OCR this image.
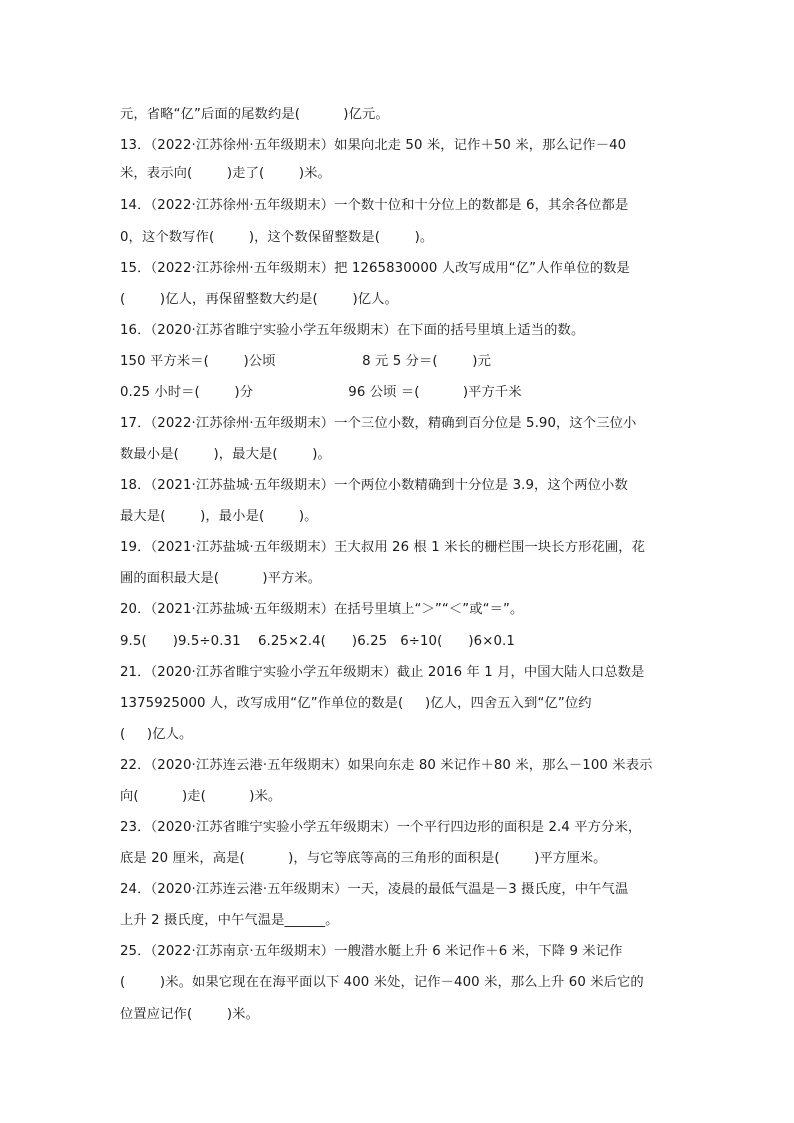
元，省略“亿”后面的尾数约是(          )亿元。
13．（2022·江苏徐州·五年级期末）如果向北走 50 米，记作＋50 米，那么记作－40
米，表示向(        )走了(        )米。
14．（2022·江苏徐州·五年级期末）一个数十位和十分位上的数都是 6，其余各位都是
0，这个数写作(        )，这个数保留整数是(        )。
15．（2022·江苏徐州·五年级期末）把 1265830000 人改写成用“亿”人作单位的数是
(        )亿人，再保留整数大约是(        )亿人。
16．（2020·江苏省睢宁实验小学五年级期末）在下面的括号里填上适当的数。
150 平方米＝(        )公顷                    8 元 5 分＝(        )元
0.25 小时＝(        )分                      96 公顷 ＝(          )平方千米
17．（2022·江苏徐州·五年级期末）一个三位小数，精确到百分位是 5.90，这个三位小
数最小是(        )，最大是(        )。
18．（2021·江苏盐城·五年级期末）一个两位小数精确到十分位是 3.9，这个两位小数
最大是(        )，最小是(        )。
19．（2021·江苏盐城·五年级期末）王大叔用 26 根 1 米长的栅栏围一块长方形花圃，花
圃的面积最大是(          )平方米。
20．（2021·江苏盐城·五年级期末）在括号里填上“＞”“＜”或“＝”。
9.5(      )9.5÷0.31    6.25×2.4(      )6.25   6÷10(      )6×0.1
21．（2020·江苏省睢宁实验小学五年级期末）截止 2016 年 1 月，中国大陆人口总数是
1375925000 人，改写成用“亿”作单位的数是(     )亿人，四舍五入到“亿”位约
(     )亿人。
22．（2020·江苏连云港·五年级期末）如果向东走 80 米记作＋80 米，那么－100 米表示
向(          )走(          )米。
23．（2020·江苏省睢宁实验小学五年级期末）一个平行四边形的面积是 2.4 平方分米，
底是 20 厘米，高是(          )，与它等底等高的三角形的面积是(        )平方厘米。
24．（2020·江苏连云港·五年级期末）一天，凌晨的最低气温是－3 摄氏度，中午气温
上升 2 摄氏度，中午气温是______。
25．（2022·江苏南京·五年级期末）一艘潜水艇上升 6 米记作＋6 米，下降 9 米记作
(        )米。如果它现在在海平面以下 400 米处，记作－400 米，那么上升 60 米后它的
位置应记作(        )米。
